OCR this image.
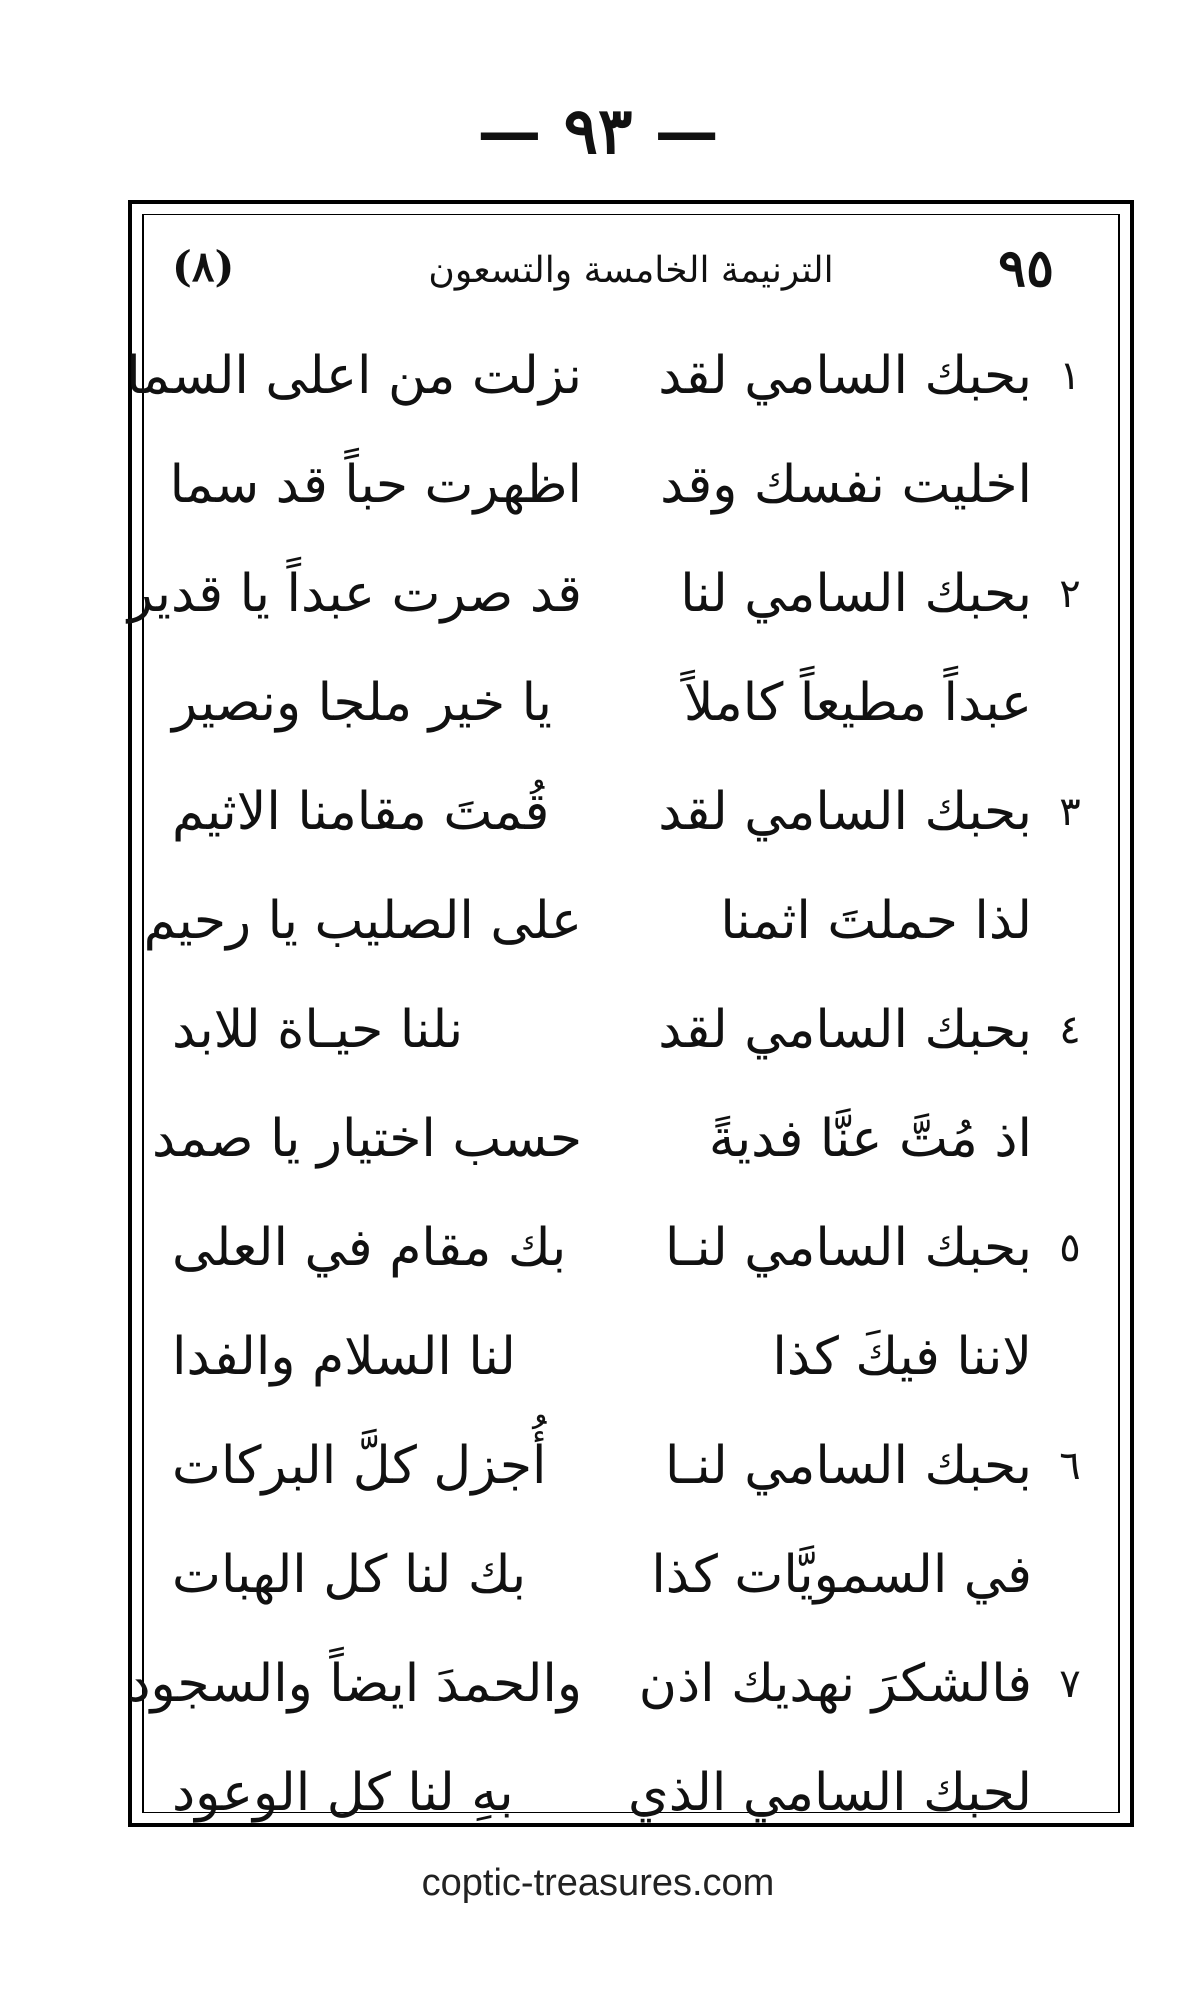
— ٩٣ —
٩٥
الترنيمة الخامسة والتسعون
(٨)
١
بحبك السامي لقد
نزلت من اعلى السما
اخليت نفسك وقد
اظهرت حباً قد سما
٢
بحبك السامي لنا
قد صرت عبداً يا قدير
عبداً مطيعاً كاملاً
يا خير ملجا ونصير
٣
بحبك السامي لقد
قُمتَ مقامنا الاثيم
لذا حملتَ اثمنا
على الصليب يا رحيم
٤
بحبك السامي لقد
نلنا حيـاة للابد
اذ مُتَّ عنَّا فديةً
حسب اختيار يا صمد
٥
بحبك السامي لنـا
بك مقام في العلى
لاننا فيكَ كذا
لنا السلام والفدا
٦
بحبك السامي لنـا
أُجزل كلَّ البركات
في السمويَّات كذا
بك لنا كل الهبات
٧
فالشكرَ نهديك اذن
والحمدَ ايضاً والسجود
لحبك السامي الذي
بهِ لنا كل الوعود
coptic-treasures.com
